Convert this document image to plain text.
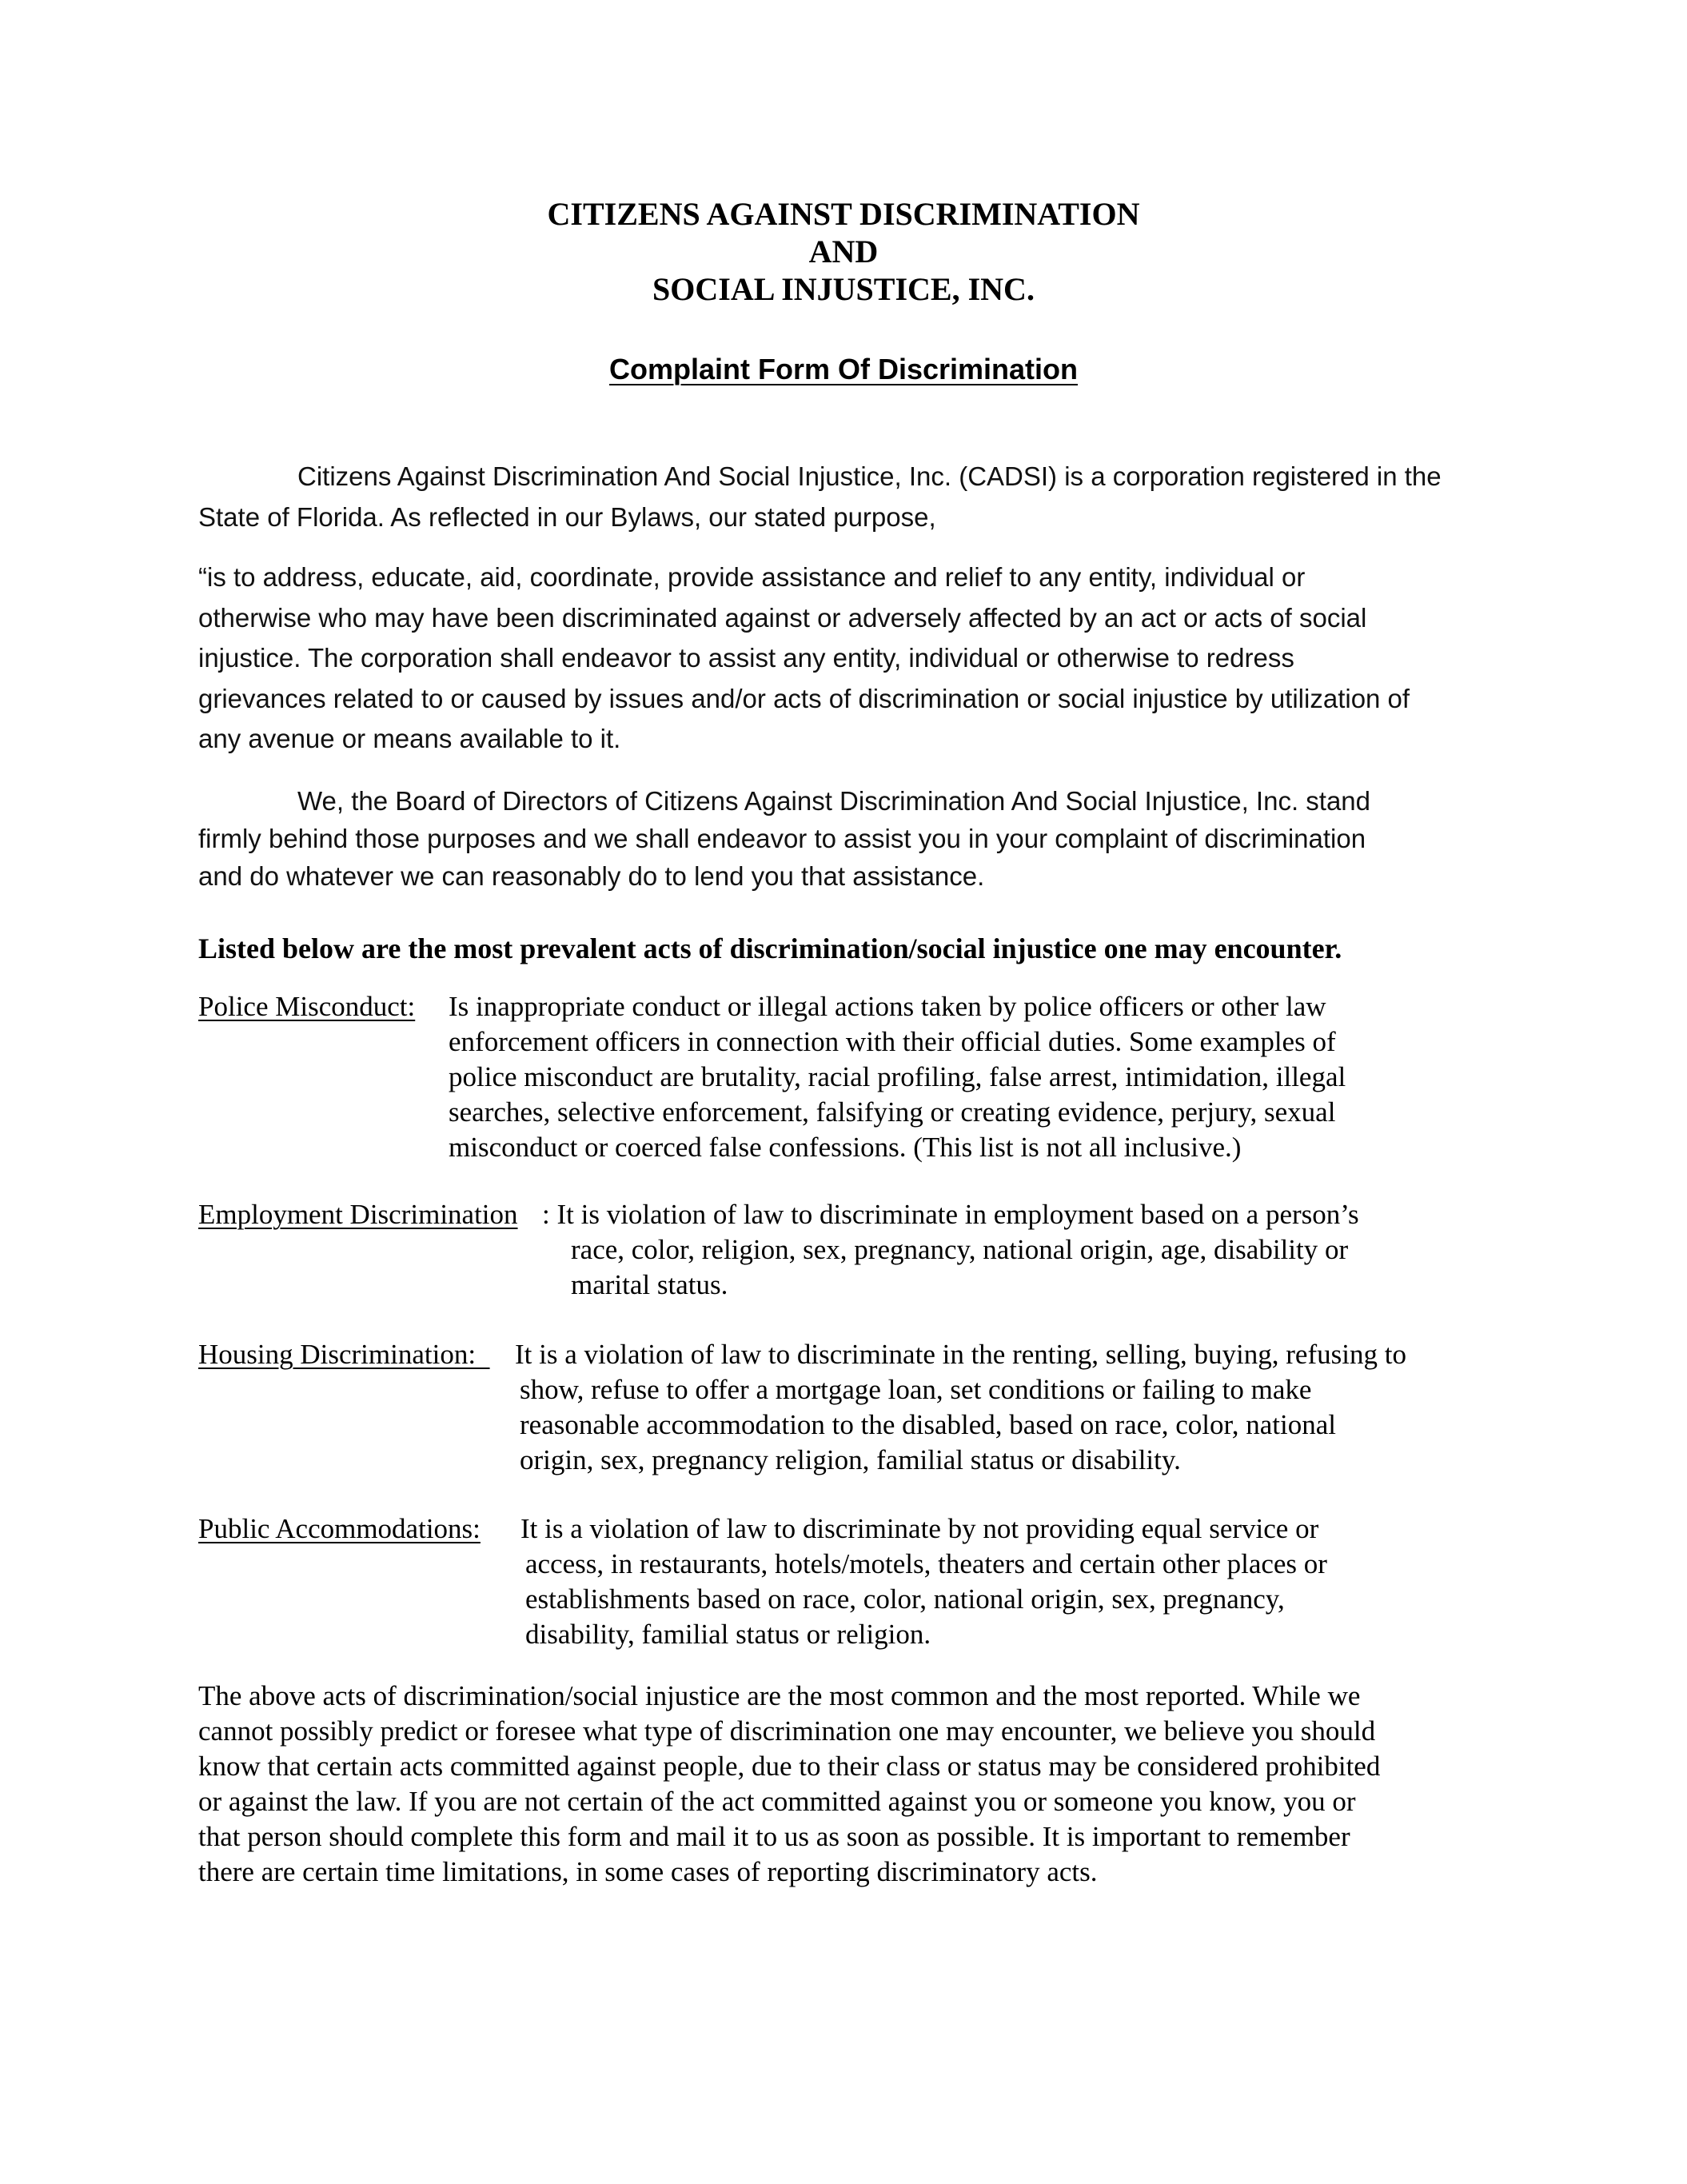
CITIZENS AGAINST DISCRIMINATION
AND
SOCIAL INJUSTICE, INC.
Complaint Form Of Discrimination
Citizens Against Discrimination And Social Injustice, Inc. (CADSI) is a corporation registered in the
State of Florida. As reflected in our Bylaws, our stated purpose,
“is to address, educate, aid, coordinate, provide assistance and relief to any entity, individual or
otherwise who may have been discriminated against or adversely affected by an act or acts of social
injustice. The corporation shall endeavor to assist any entity, individual or otherwise to redress
grievances related to or caused by issues and/or acts of discrimination or social injustice by utilization of
any avenue or means available to it.
We, the Board of Directors of Citizens Against Discrimination And Social Injustice, Inc. stand
firmly behind those purposes and we shall endeavor to assist you in your complaint of discrimination
and do whatever we can reasonably do to lend you that assistance.
Listed below are the most prevalent acts of discrimination/social injustice one may encounter.
Police Misconduct: Is inappropriate conduct or illegal actions taken by police officers or other law
enforcement officers in connection with their official duties. Some examples of
police misconduct are brutality, racial profiling, false arrest, intimidation, illegal
searches, selective enforcement, falsifying or creating evidence, perjury, sexual
misconduct or coerced false confessions. (This list is not all inclusive.)
Employment Discrimination : It is violation of law to discriminate in employment based on a person’s
race, color, religion, sex, pregnancy, national origin, age, disability or
marital status.
Housing Discrimination: It is a violation of law to discriminate in the renting, selling, buying, refusing to
show, refuse to offer a mortgage loan, set conditions or failing to make
reasonable accommodation to the disabled, based on race, color, national
origin, sex, pregnancy religion, familial status or disability.
Public Accommodations: It is a violation of law to discriminate by not providing equal service or
access, in restaurants, hotels/motels, theaters and certain other places or
establishments based on race, color, national origin, sex, pregnancy,
disability, familial status or religion.
The above acts of discrimination/social injustice are the most common and the most reported. While we
cannot possibly predict or foresee what type of discrimination one may encounter, we believe you should
know that certain acts committed against people, due to their class or status may be considered prohibited
or against the law. If you are not certain of the act committed against you or someone you know, you or
that person should complete this form and mail it to us as soon as possible. It is important to remember
there are certain time limitations, in some cases of reporting discriminatory acts.
